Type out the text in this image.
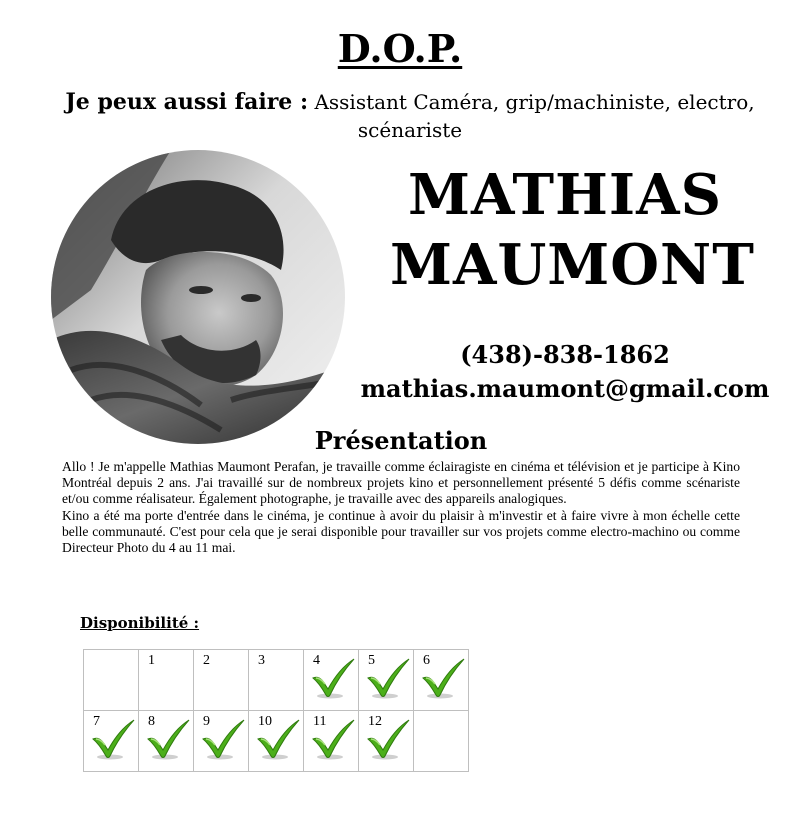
D.O.P.
Je peux aussi faire : Assistant Caméra, grip/machiniste, electro, scénariste
MATHIAS
MAUMONT
(438)-838-1862
mathias.maumont@gmail.com
Présentation

Allo ! Je m'appelle Mathias Maumont Perafan, je travaille comme éclairagiste en cinéma et télévision et je participe à Kino Montréal depuis 2 ans. J'ai travaillé sur de nombreux projets kino et personnellement présenté 5 défis comme scénariste et/ou comme réalisateur. Également photographe, je travaille avec des appareils analogiques.

Kino a été ma porte d'entrée dans le cinéma, je continue à avoir du plaisir à m'investir et à faire vivre à mon échelle cette belle communauté. C'est pour cela que je serai disponible pour travailler sur vos projets comme electro-machino ou comme Directeur Photo du 4 au 11 mai.

Disponibilité :

	1	2	3	4	5	6

7	8	9	10	11	12	
